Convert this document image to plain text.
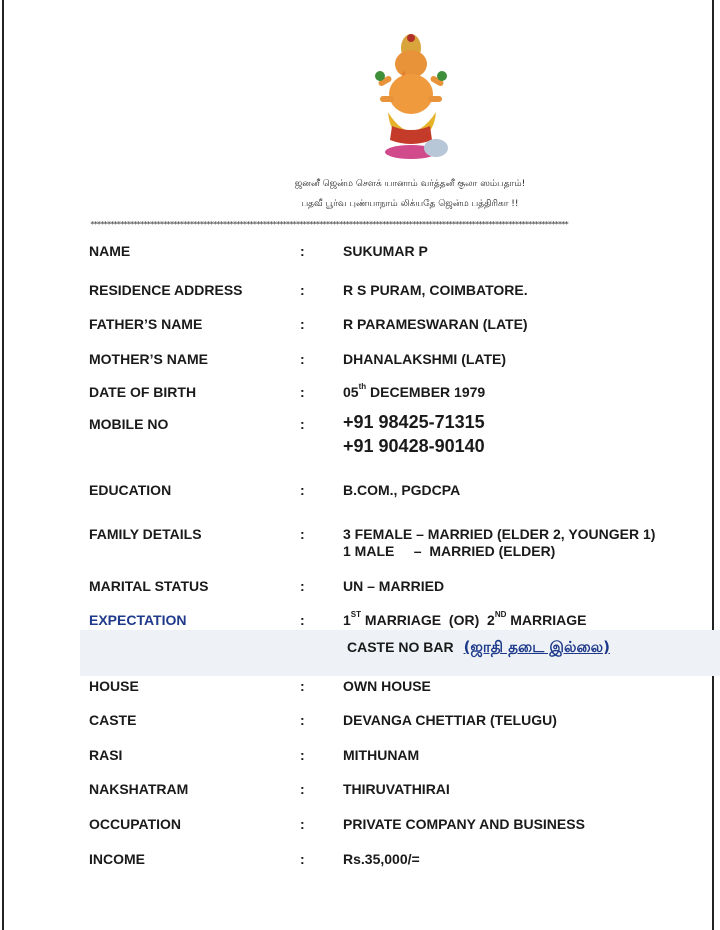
ஜனனீ ஜென்ம சௌக் யானாம் வர்த்தனீ குலா ஸம்பதாம்!
பதவீ பூர்வ புண்யாநாம் லிக்யதே ஜென்ம பத்திரிகா !!
************************************************************************************************************************************************
NAME	:	SUKUMAR P
RESIDENCE ADDRESS	:	R S PURAM, COIMBATORE.
FATHER’S NAME	:	R PARAMESWARAN (LATE)
MOTHER’S NAME	:	DHANALAKSHMI (LATE)
DATE OF BIRTH	:	05th DECEMBER 1979
MOBILE NO	: +91 98425-71315
+91 90428-90140
EDUCATION	:	B.COM., PGDCPA
FAMILY DETAILS	:	3 FEMALE – MARRIED (ELDER 2, YOUNGER 1)
1 MALE     –  MARRIED (ELDER)
MARITAL STATUS	:	UN – MARRIED
EXPECTATION	:	1ST MARRIAGE  (OR)  2ND MARRIAGE
CASTE NO BAR (ஜாதி தடை இல்லை)
HOUSE	:	OWN HOUSE
CASTE	:	DEVANGA CHETTIAR (TELUGU)
RASI	:	MITHUNAM
NAKSHATRAM	:	THIRUVATHIRAI
OCCUPATION	:	PRIVATE COMPANY AND BUSINESS
INCOME	:	Rs.35,000/=
